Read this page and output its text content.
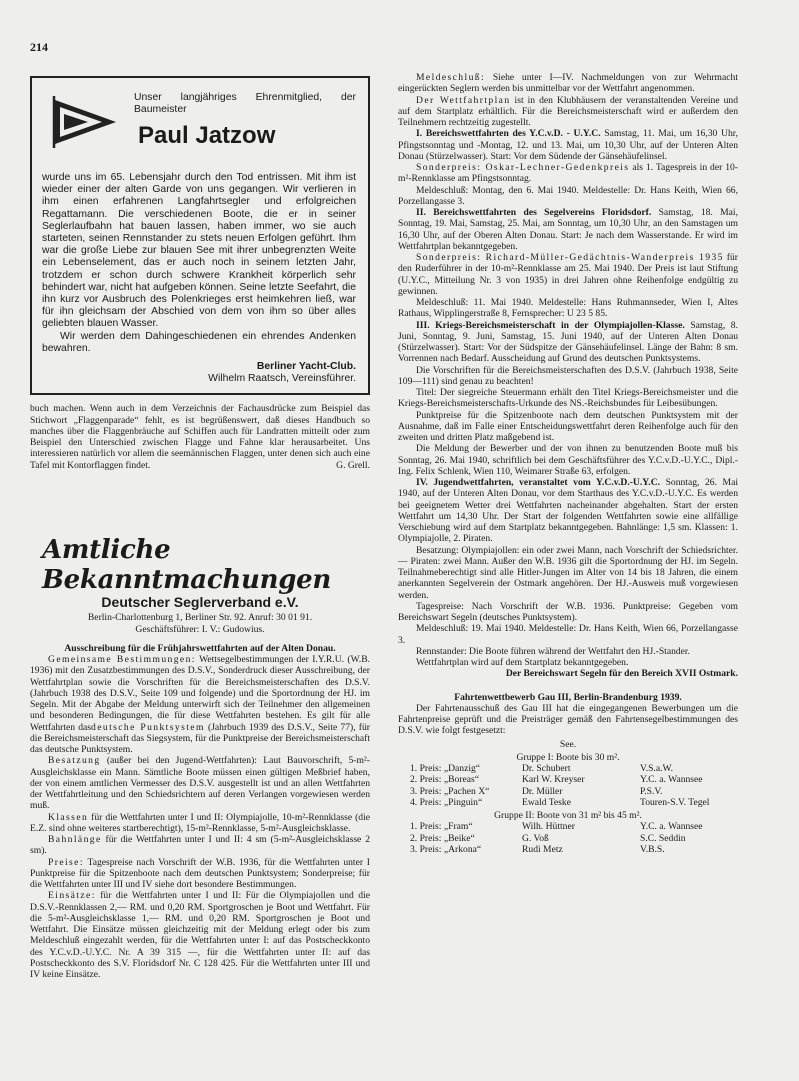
214
Unser langjähriges Ehrenmitglied, der Baumeister
Paul Jatzow
wurde uns im 65. Lebensjahr durch den Tod entrissen. Mit ihm ist wieder einer der alten Garde von uns gegangen. Wir verlieren in ihm einen erfahrenen Langfahrtsegler und erfolgreichen Regattamann. Die verschiedenen Boote, die er in seiner Seglerlaufbahn hat bauen lassen, haben immer, wo sie auch starteten, seinen Rennstander zu stets neuen Erfolgen geführt. Ihm war die große Liebe zur blauen See mit ihrer unbegrenzten Weite ein Lebenselement, das er auch noch in seinem letzten Jahr, trotzdem er schon durch schwere Krankheit körperlich sehr behindert war, nicht hat aufgeben können. Seine letzte Seefahrt, die ihn kurz vor Ausbruch des Polenkrieges erst heimkehren ließ, war für ihn gleichsam der Abschied von dem von ihm so über alles geliebten blauen Wasser.

Wir werden dem Dahingeschiedenen ein ehrendes Andenken bewahren.

Berliner Yacht-Club.
Wilhelm Raatsch, Vereinsführer.
buch machen. Wenn auch in dem Verzeichnis der Fachausdrücke zum Beispiel das Stichwort „Flaggenparade“ fehlt, es ist begrüßenswert, daß dieses Handbuch so manches über die Flaggenbräuche auf Schiffen auch für Landratten mitteilt oder zum Beispiel den Unterschied zwischen Flagge und Fahne klar herausarbeitet. Uns interessieren natürlich vor allem die seemännischen Flaggen, unter denen sich auch eine Tafel mit Kontorflaggen findet.	G. Grell.
Amtliche Bekanntmachungen
Deutscher Seglerverband e.V.
Berlin-Charlottenburg 1, Berliner Str. 92. Anruf: 30 01 91.
Geschäftsführer: I. V.: Gudowius.
Ausschreibung für die Frühjahrswettfahrten auf der Alten Donau.

Gemeinsame Bestimmungen: Wettsegelbestimmungen der I.Y.R.U. (W.B. 1936) mit den Zusatzbestimmungen des D.S.V., Sonderdruck dieser Ausschreibung, der Wettfahrtplan sowie die Vorschriften für die Bereichsmeisterschaften des D.S.V. (Jahrbuch 1938 des D.S.V., Seite 109 und folgende) und die Sportordnung der HJ. im Segeln. Mit der Abgabe der Meldung unterwirft sich der Teilnehmer den allgemeinen und besonderen Bedingungen, die für diese Wettfahrten bestehen. Es gilt für alle Wettfahrten dasdeutsche Punktsystem (Jahrbuch 1939 des D.S.V., Seite 77), für die Bereichsmeisterschaft das Siegsystem, für die Punktpreise der Bereichsmeisterschaft das deutsche Punktsystem.

Besatzung (außer bei den Jugend-Wettfahrten): Laut Bauvorschrift, 5-m²-Ausgleichsklasse ein Mann. Sämtliche Boote müssen einen gültigen Meßbrief haben, der von einem amtlichen Vermesser des D.S.V. ausgestellt ist und an allen Wettfahrten der Wettfahrtleitung und den Schiedsrichtern auf deren Verlangen vorgewiesen werden muß.

Klassen für die Wettfahrten unter I und II: Olympiajolle, 10-m²-Rennklasse (die E.Z. sind ohne weiteres startberechtigt), 15-m²-Rennklasse, 5-m²-Ausgleichsklasse.

Bahnlänge für die Wettfahrten unter I und II: 4 sm (5-m²-Ausgleichsklasse 2 sm).

Preise: Tagespreise nach Vorschrift der W.B. 1936, für die Wettfahrten unter I Punktpreise für die Spitzenboote nach dem deutschen Punktsystem; Sonderpreise; für die Wettfahrten unter III und IV siehe dort besondere Bestimmungen.

Einsätze: für die Wettfahrten unter I und II: Für die Olympiajollen und die D.S.V.-Rennklassen 2,— RM. und 0,20 RM. Sportgroschen je Boot und Wettfahrt. Für die 5-m²-Ausgleichsklasse 1,— RM. und 0,20 RM. Sportgroschen je Boot und Wettfahrt. Die Einsätze müssen gleichzeitig mit der Meldung erlegt oder bis zum Meldeschluß eingezahlt werden, für die Wettfahrten unter I: auf das Postscheckkonto des Y.C.v.D.-U.Y.C. Nr. A 39 315 —, für die Wettfahrten unter II: auf das Postscheckkonto des S.V. Floridsdorf Nr. C 128 425. Für die Wettfahrten unter III und IV keine Einsätze.

Meldeschluß: Siehe unter I—IV. Nachmeldungen von zur Wehrmacht eingerückten Seglern werden bis unmittelbar vor der Wettfahrt angenommen.

Der Wettfahrtplan ist in den Klubhäusern der veranstaltenden Vereine und auf dem Startplatz erhältlich. Für die Bereichsmeisterschaft wird er außerdem den Teilnehmern rechtzeitig zugestellt.

I. Bereichswettfahrten des Y.C.v.D. - U.Y.C. Samstag, 11. Mai, um 16,30 Uhr, Pfingstsonntag und -Montag, 12. und 13. Mai, um 10,30 Uhr, auf der Unteren Alten Donau (Stürzelwasser). Start: Vor dem Südende der Gänsehäufelinsel.

Sonderpreis: Oskar-Lechner-Gedenkpreis als 1. Tagespreis in der 10-m²-Rennklasse am Pfingstsonntag.

Meldeschluß: Montag, den 6. Mai 1940. Meldestelle: Dr. Hans Keith, Wien 66, Porzellangasse 3.

II. Bereichswettfahrten des Segelvereins Floridsdorf. Samstag, 18. Mai, Sonntag, 19. Mai, Samstag, 25. Mai, am Sonntag, um 10,30 Uhr, an den Samstagen um 16,30 Uhr, auf der Oberen Alten Donau. Start: Je nach dem Wasserstande. Er wird im Wettfahrtplan bekanntgegeben.

Sonderpreis: Richard-Müller-Gedächtnis-Wanderpreis 1935 für den Ruderführer in der 10-m²-Rennklasse am 25. Mai 1940. Der Preis ist laut Stiftung (U.Y.C., Mitteilung Nr. 3 von 1935) in drei Jahren ohne Reihenfolge endgültig zu gewinnen.

Meldeschluß: 11. Mai 1940. Meldestelle: Hans Ruhmannseder, Wien I, Altes Rathaus, Wipplingerstraße 8, Fernsprecher: U 23 5 85.

III. Kriegs-Bereichsmeisterschaft in der Olympiajollen-Klasse. Samstag, 8. Juni, Sonntag, 9. Juni, Samstag, 15. Juni 1940, auf der Unteren Alten Donau (Stürzelwasser). Start: Vor der Südspitze der Gänsehäufelinsel. Länge der Bahn: 8 sm. Vorrennen nach Bedarf. Ausscheidung auf Grund des deutschen Punktsystems.

Die Vorschriften für die Bereichsmeisterschaften des D.S.V. (Jahrbuch 1938, Seite 109—111) sind genau zu beachten!

Titel: Der siegreiche Steuermann erhält den Titel Kriegs-Bereichsmeister und die Kriegs-Bereichsmeisterschafts-Urkunde des NS.-Reichsbundes für Leibesübungen.

Punktpreise für die Spitzenboote nach dem deutschen Punktsystem mit der Ausnahme, daß im Falle einer Entscheidungswettfahrt deren Reihenfolge auch für den zweiten und dritten Platz maßgebend ist.

Die Meldung der Bewerber und der von ihnen zu benutzenden Boote muß bis Sonntag, 26. Mai 1940, schriftlich bei dem Geschäftsführer des Y.C.v.D.-U.Y.C., Dipl.-Ing. Felix Schlenk, Wien 110, Weimarer Straße 63, erfolgen.

IV. Jugendwettfahrten, veranstaltet vom Y.C.v.D.-U.Y.C. Sonntag, 26. Mai 1940, auf der Unteren Alten Donau, vor dem Starthaus des Y.C.v.D.-U.Y.C. Es werden bei geeignetem Wetter drei Wettfahrten nacheinander abgehalten. Start der ersten Wettfahrt um 14,30 Uhr. Der Start der folgenden Wettfahrten sowie eine allfällige Verschiebung wird auf dem Startplatz bekanntgegeben. Bahnlänge: 1,5 sm. Klassen: 1. Olympiajolle, 2. Piraten.

Besatzung: Olympiajollen: ein oder zwei Mann, nach Vorschrift der Schiedsrichter. — Piraten: zwei Mann. Außer den W.B. 1936 gilt die Sportordnung der HJ. im Segeln. Teilnahmeberechtigt sind alle Hitler-Jungen im Alter von 14 bis 18 Jahren, die einem anerkannten Segelverein der Ostmark angehören. Der HJ.-Ausweis muß vorgewiesen werden.

Tagespreise: Nach Vorschrift der W.B. 1936. Punktpreise: Gegeben vom Bereichswart Segeln (deutsches Punktsystem).

Meldeschluß: 19. Mai 1940. Meldestelle: Dr. Hans Keith, Wien 66, Porzellangasse 3.

Rennstander: Die Boote führen während der Wettfahrt den HJ.-Stander.

Wettfahrtplan wird auf dem Startplatz bekanntgegeben.

Der Bereichswart Segeln für den Bereich XVII Ostmark.
Fahrtenwettbewerb Gau III, Berlin-Brandenburg 1939.

Der Fahrtenausschuß des Gau III hat die eingegangenen Bewerbungen um die Fahrtenpreise geprüft und die Preisträger gemäß den Fahrtensegelbestimmungen des D.S.V. wie folgt festgesetzt:

See.
Gruppe I: Boote bis 30 m².
1. Preis: „Danzig“	Dr. Schubert	V.S.a.W.
2. Preis: „Boreas“	Karl W. Kreyser	Y.C. a. Wannsee
3. Preis: „Pachen X“	Dr. Müller	P.S.V.
4. Preis: „Pinguin“	Ewald Teske	Touren-S.V. Tegel
Gruppe II: Boote von 31 m² bis 45 m².
1. Preis: „Fram“	Wilh. Hüttner	Y.C. a. Wannsee
2. Preis: „Beike“	G. Voß	S.C. Seddin
3. Preis: „Arkona“	Rudi Metz	V.B.S.
